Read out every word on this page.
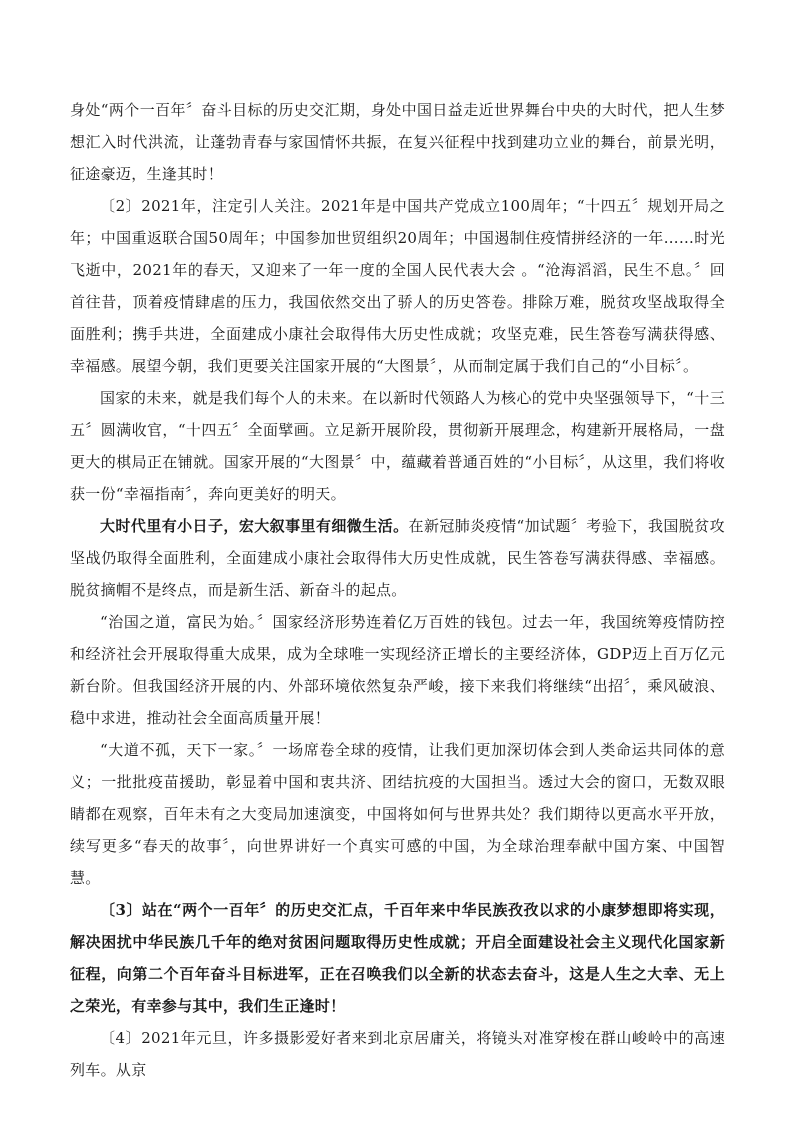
身处“两个一百年〞奋斗目标的历史交汇期，身处中国日益走近世界舞台中央的大时代，把人生梦想汇入时代洪流，让蓬勃青春与家国情怀共振，在复兴征程中找到建功立业的舞台，前景光明，征途豪迈，生逢其时！

〔2〕2021年，注定引人关注。2021年是中国共产党成立100周年；“十四五〞规划开局之年；中国重返联合国50周年；中国参加世贸组织20周年；中国遏制住疫情拼经济的一年……时光飞逝中，2021年的春天，又迎来了一年一度的全国人民代表大会 。“沧海滔滔，民生不息。〞回首往昔，顶着疫情肆虐的压力，我国依然交出了骄人的历史答卷。排除万难，脱贫攻坚战取得全面胜利；携手共进，全面建成小康社会取得伟大历史性成就；攻坚克难，民生答卷写满获得感、幸福感。展望今朝，我们更要关注国家开展的“大图景〞，从而制定属于我们自己的“小目标〞。

国家的未来，就是我们每个人的未来。在以新时代领路人为核心的党中央坚强领导下，“十三五〞圆满收官，“十四五〞全面擘画。立足新开展阶段，贯彻新开展理念，构建新开展格局，一盘更大的棋局正在铺就。国家开展的“大图景〞中，蕴藏着普通百姓的“小目标〞，从这里，我们将收获一份“幸福指南〞，奔向更美好的明天。

大时代里有小日子，宏大叙事里有细微生活。在新冠肺炎疫情“加试题〞考验下，我国脱贫攻坚战仍取得全面胜利，全面建成小康社会取得伟大历史性成就，民生答卷写满获得感、幸福感。脱贫摘帽不是终点，而是新生活、新奋斗的起点。

“治国之道，富民为始。〞国家经济形势连着亿万百姓的钱包。过去一年，我国统筹疫情防控和经济社会开展取得重大成果，成为全球唯一实现经济正增长的主要经济体，GDP迈上百万亿元新台阶。但我国经济开展的内、外部环境依然复杂严峻，接下来我们将继续“出招〞，乘风破浪、稳中求进，推动社会全面高质量开展！

“大道不孤，天下一家。〞一场席卷全球的疫情，让我们更加深切体会到人类命运共同体的意义；一批批疫苗援助，彰显着中国和衷共济、团结抗疫的大国担当。透过大会的窗口，无数双眼睛都在观察，百年未有之大变局加速演变，中国将如何与世界共处？我们期待以更高水平开放，续写更多“春天的故事〞，向世界讲好一个真实可感的中国，为全球治理奉献中国方案、中国智慧。

〔3〕站在“两个一百年〞的历史交汇点，千百年来中华民族孜孜以求的小康梦想即将实现，解决困扰中华民族几千年的绝对贫困问题取得历史性成就；开启全面建设社会主义现代化国家新征程，向第二个百年奋斗目标进军，正在召唤我们以全新的状态去奋斗，这是人生之大幸、无上之荣光，有幸参与其中，我们生正逢时！

〔4〕2021年元旦，许多摄影爱好者来到北京居庸关，将镜头对准穿梭在群山峻岭中的高速列车。从京
